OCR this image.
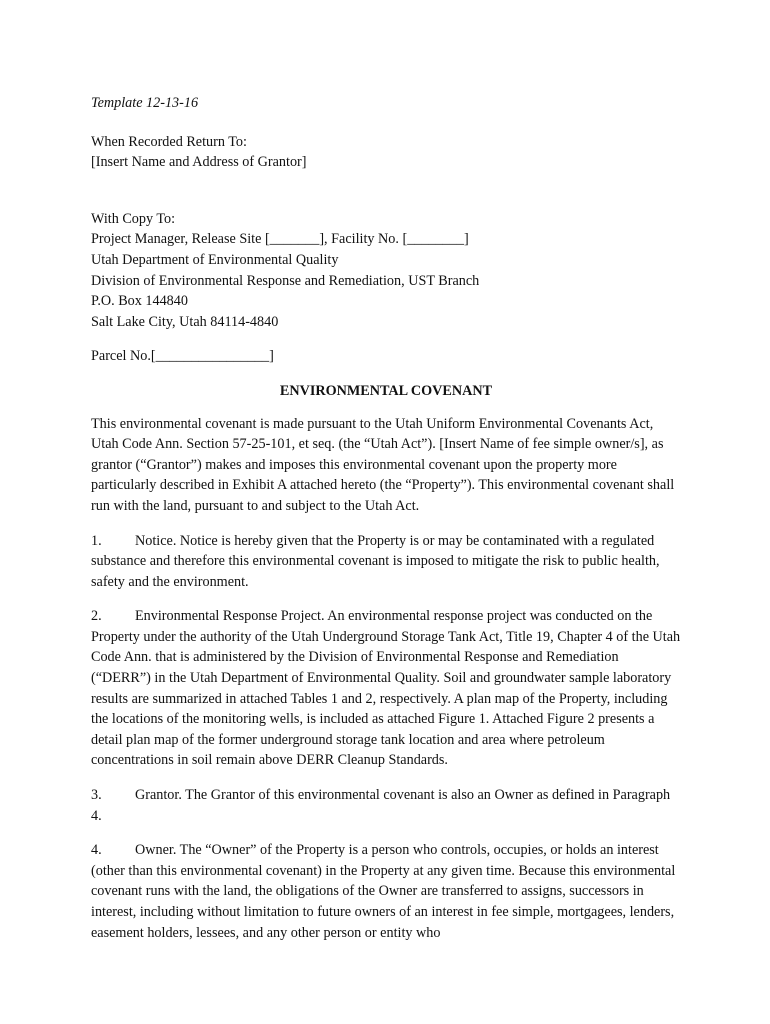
Template 12-13-16
When Recorded Return To:
[Insert Name and Address of Grantor]
With Copy To:
Project Manager, Release Site [_______], Facility No. [________]
Utah Department of Environmental Quality
Division of Environmental Response and Remediation, UST Branch
P.O. Box 144840
Salt Lake City, Utah 84114-4840
Parcel No.[________________]
ENVIRONMENTAL COVENANT

This environmental covenant is made pursuant to the Utah Uniform Environmental Covenants Act, Utah Code Ann. Section 57-25-101, et seq. (the “Utah Act”). [Insert Name of fee simple owner/s], as grantor (“Grantor”) makes and imposes this environmental covenant upon the property more particularly described in Exhibit A attached hereto (the “Property”). This environmental covenant shall run with the land, pursuant to and subject to the Utah Act.

1. Notice. Notice is hereby given that the Property is or may be contaminated with a regulated substance and therefore this environmental covenant is imposed to mitigate the risk to public health, safety and the environment.

2. Environmental Response Project. An environmental response project was conducted on the Property under the authority of the Utah Underground Storage Tank Act, Title 19, Chapter 4 of the Utah Code Ann. that is administered by the Division of Environmental Response and Remediation (“DERR”) in the Utah Department of Environmental Quality. Soil and groundwater sample laboratory results are summarized in attached Tables 1 and 2, respectively. A plan map of the Property, including the locations of the monitoring wells, is included as attached Figure 1. Attached Figure 2 presents a detail plan map of the former underground storage tank location and area where petroleum concentrations in soil remain above DERR Cleanup Standards.

3. Grantor. The Grantor of this environmental covenant is also an Owner as defined in Paragraph 4.

4. Owner. The “Owner” of the Property is a person who controls, occupies, or holds an interest (other than this environmental covenant) in the Property at any given time. Because this environmental covenant runs with the land, the obligations of the Owner are transferred to assigns, successors in interest, including without limitation to future owners of an interest in fee simple, mortgagees, lenders, easement holders, lessees, and any other person or entity who
